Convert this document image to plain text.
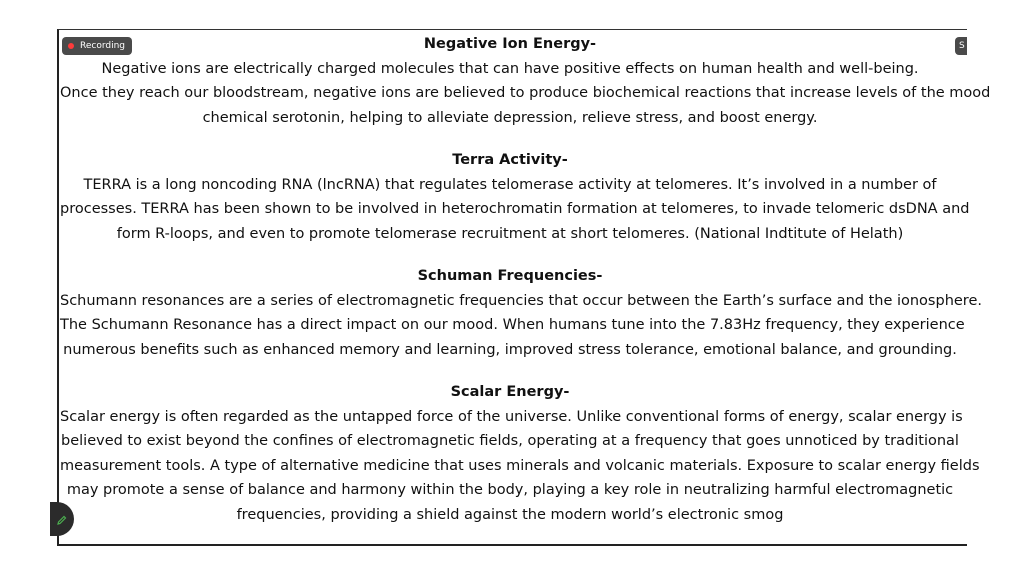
Negative Ion Energy-
Negative ions are electrically charged molecules that can have positive effects on human health and well-being.
Once they reach our bloodstream, negative ions are believed to produce biochemical reactions that increase levels of the mood
chemical serotonin, helping to alleviate depression, relieve stress, and boost energy.
Terra Activity-
TERRA is a long noncoding RNA (lncRNA) that regulates telomerase activity at telomeres. It’s involved in a number of
processes. TERRA has been shown to be involved in heterochromatin formation at telomeres, to invade telomeric dsDNA and
form R-loops, and even to promote telomerase recruitment at short telomeres. (National Indtitute of Helath)
Schuman Frequencies-
Schumann resonances are a series of electromagnetic frequencies that occur between the Earth’s surface and the ionosphere.
The Schumann Resonance has a direct impact on our mood. When humans tune into the 7.83Hz frequency, they experience
numerous benefits such as enhanced memory and learning, improved stress tolerance, emotional balance, and grounding.
Scalar Energy-
Scalar energy is often regarded as the untapped force of the universe. Unlike conventional forms of energy, scalar energy is
believed to exist beyond the confines of electromagnetic fields, operating at a frequency that goes unnoticed by traditional
measurement tools. A type of alternative medicine that uses minerals and volcanic materials. Exposure to scalar energy fields
may promote a sense of balance and harmony within the body, playing a key role in neutralizing harmful electromagnetic
frequencies, providing a shield against the modern world’s electronic smog
Recording	S
